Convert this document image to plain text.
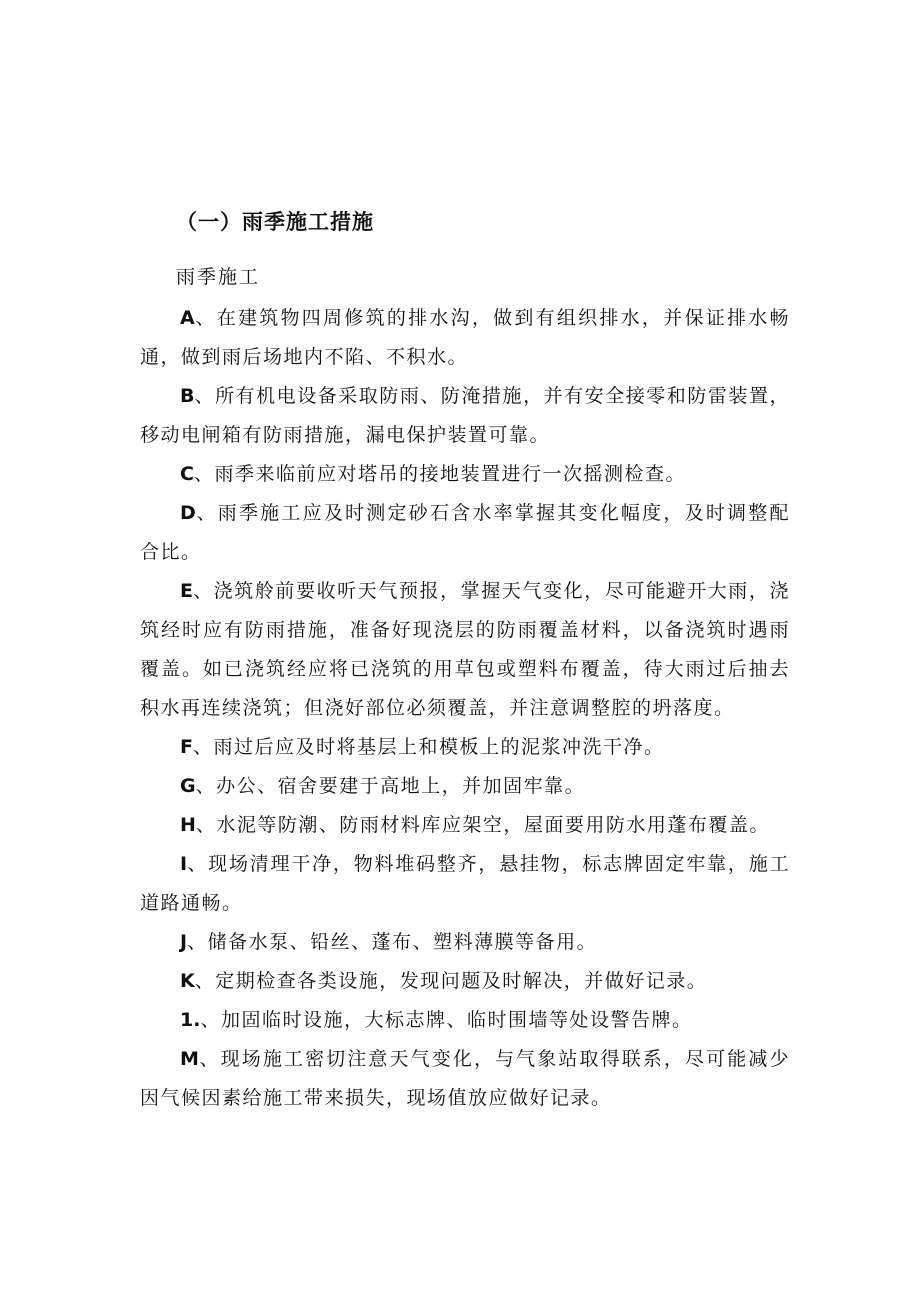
（一）雨季施工措施

雨季施工

A、在建筑物四周修筑的排水沟，做到有组织排水，并保证排水畅通，做到雨后场地内不陷、不积水。

B、所有机电设备采取防雨、防淹措施，并有安全接零和防雷装置，移动电闸箱有防雨措施，漏电保护装置可靠。

C、雨季来临前应对塔吊的接地装置进行一次摇测检查。

D、雨季施工应及时测定砂石含水率掌握其变化幅度，及时调整配合比。

E、浇筑舲前要收听天气预报，掌握天气变化，尽可能避开大雨，浇筑经时应有防雨措施，准备好现浇层的防雨覆盖材料，以备浇筑时遇雨覆盖。如已浇筑经应将已浇筑的用草包或塑料布覆盖，待大雨过后抽去积水再连续浇筑；但浇好部位必须覆盖，并注意调整腔的坍落度。

F、雨过后应及时将基层上和模板上的泥浆冲洗干净。

G、办公、宿舍要建于高地上，并加固牢靠。

H、水泥等防潮、防雨材料库应架空，屋面要用防水用蓬布覆盖。

I、现场清理干净，物料堆码整齐，悬挂物，标志牌固定牢靠，施工道路通畅。

J、储备水泵、铅丝、蓬布、塑料薄膜等备用。

K、定期检查各类设施，发现问题及时解决，并做好记录。

1.、加固临时设施，大标志牌、临时围墙等处设警告牌。

M、现场施工密切注意天气变化，与气象站取得联系，尽可能减少因气候因素给施工带来损失，现场值放应做好记录。
